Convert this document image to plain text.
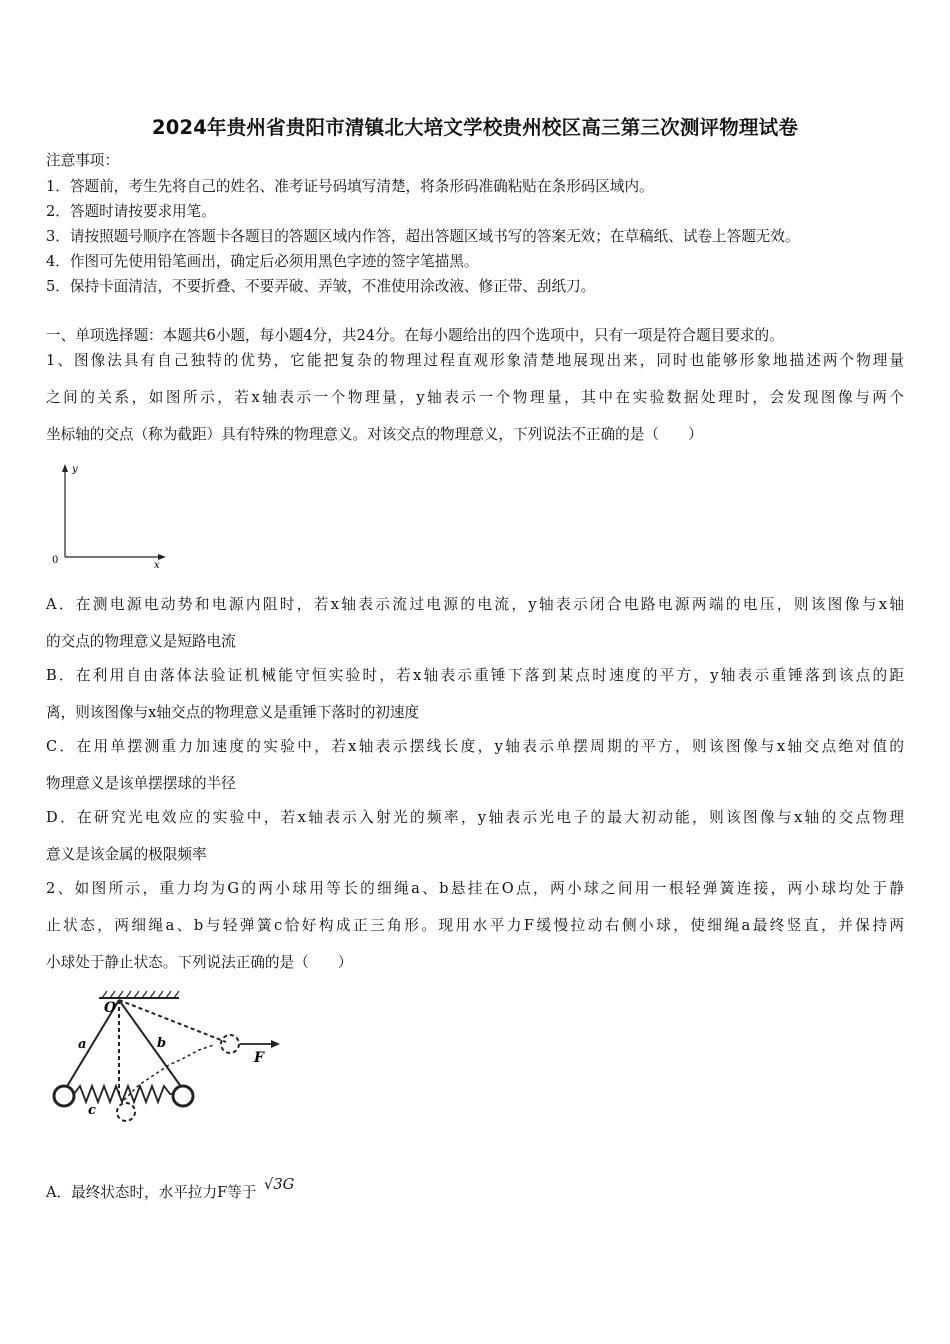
2024年贵州省贵阳市清镇北大培文学校贵州校区高三第三次测评物理试卷
注意事项：
1．答题前，考生先将自己的姓名、准考证号码填写清楚，将条形码准确粘贴在条形码区域内。
2．答题时请按要求用笔。
3．请按照题号顺序在答题卡各题目的答题区域内作答，超出答题区域书写的答案无效；在草稿纸、试卷上答题无效。
4．作图可先使用铅笔画出，确定后必须用黑色字迹的签字笔描黑。
5．保持卡面清洁，不要折叠、不要弄破、弄皱，不准使用涂改液、修正带、刮纸刀。
一、单项选择题：本题共6小题，每小题4分，共24分。在每小题给出的四个选项中，只有一项是符合题目要求的。
1、图像法具有自己独特的优势，它能把复杂的物理过程直观形象清楚地展现出来，同时也能够形象地描述两个物理量
之间的关系，如图所示，若x轴表示一个物理量，y轴表示一个物理量，其中在实验数据处理时，会发现图像与两个
坐标轴的交点（称为截距）具有特殊的物理意义。对该交点的物理意义，下列说法不正确的是（　　）
y
x
0
A．在测电源电动势和电源内阻时，若x轴表示流过电源的电流，y轴表示闭合电路电源两端的电压，则该图像与x轴
的交点的物理意义是短路电流
B．在利用自由落体法验证机械能守恒实验时，若x轴表示重锤下落到某点时速度的平方，y轴表示重锤落到该点的距
离，则该图像与x轴交点的物理意义是重锤下落时的初速度
C．在用单摆测重力加速度的实验中，若x轴表示摆线长度，y轴表示单摆周期的平方，则该图像与x轴交点绝对值的
物理意义是该单摆摆球的半径
D．在研究光电效应的实验中，若x轴表示入射光的频率，y轴表示光电子的最大初动能，则该图像与x轴的交点物理
意义是该金属的极限频率
2、如图所示，重力均为G的两小球用等长的细绳a、b悬挂在O点，两小球之间用一根轻弹簧连接，两小球均处于静
止状态，两细绳a、b与轻弹簧c恰好构成正三角形。现用水平力F缓慢拉动右侧小球，使细绳a最终竖直，并保持两
小球处于静止状态。下列说法正确的是（　　）
O
a	b
c
F
A．最终状态时，水平拉力F等于 √3G
